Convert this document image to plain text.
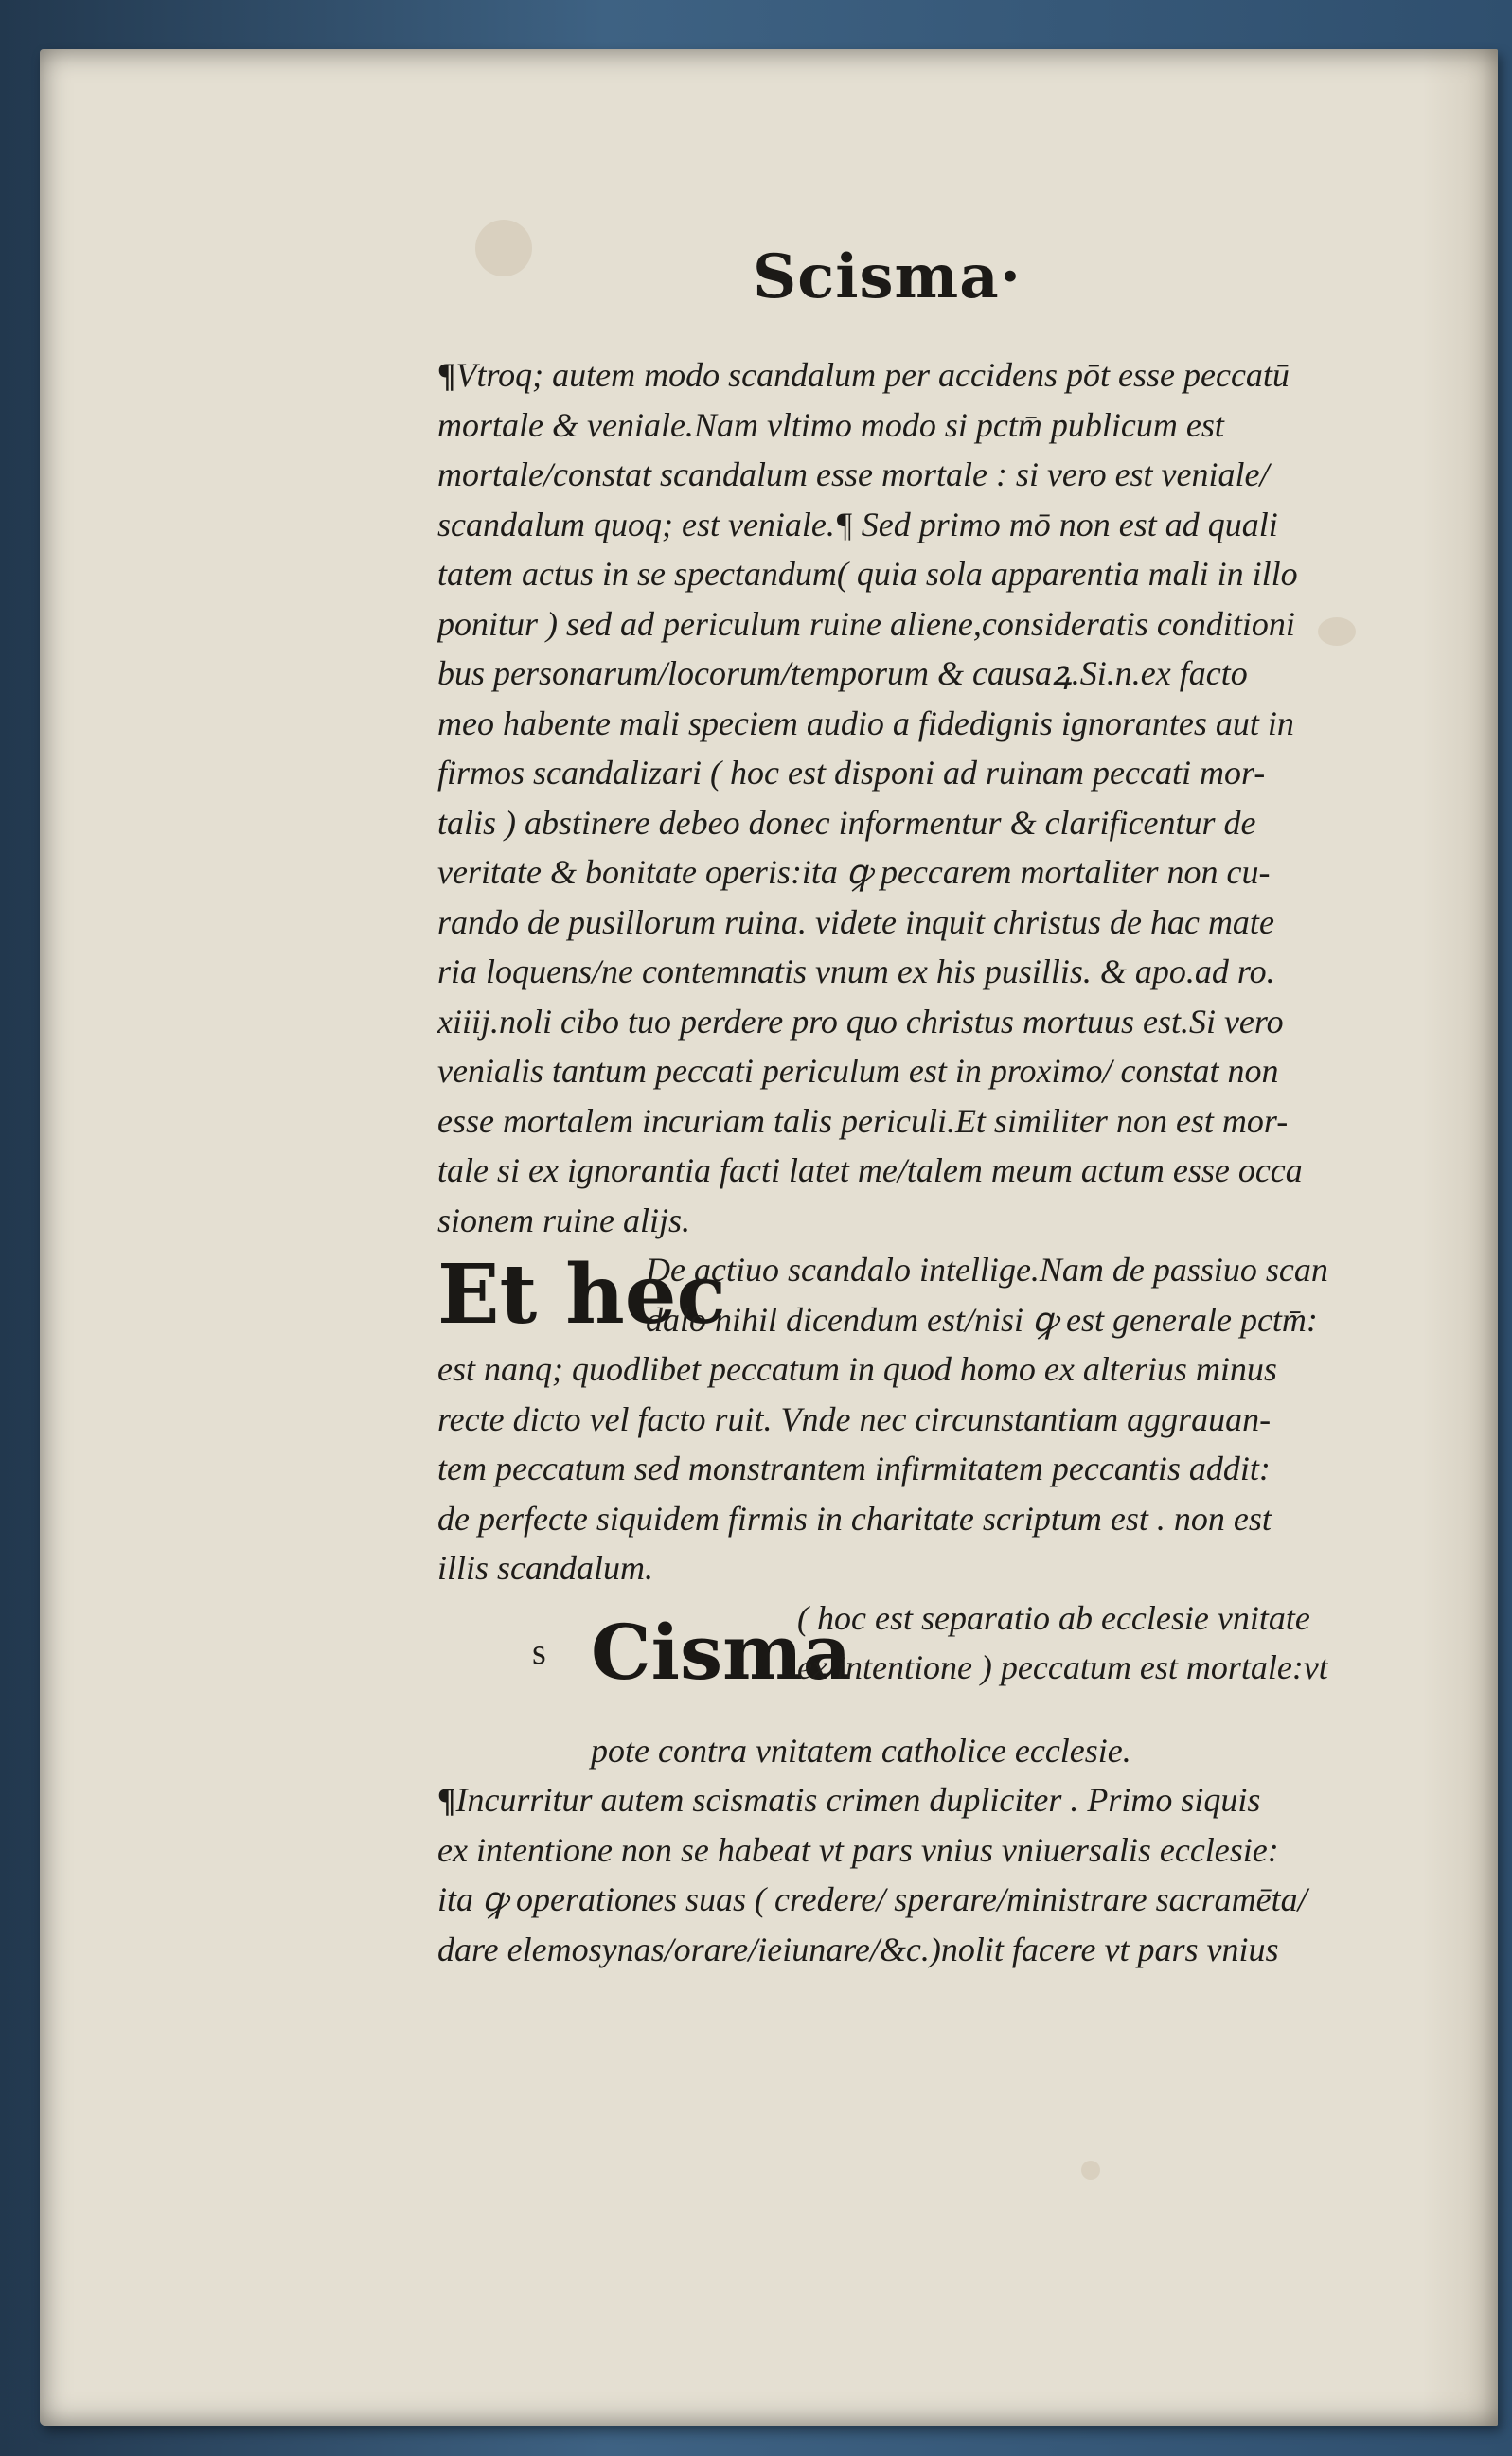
Scisma·
¶Vtroq; autem modo scandalum per accidens pōt esse peccatū
mortale & veniale.Nam vltimo modo si pctm̄ publicum est
mortale/constat scandalum esse mortale : si vero est veniale/
scandalum quoq; est veniale.¶ Sed primo mō non est ad quali
tatem actus in se spectandum( quia sola apparentia mali in illo
ponitur ) sed ad periculum ruine aliene,consideratis conditioni
bus personarum/locorum/temporum & causaꝝ.Si.n.ex facto
meo habente mali speciem audio a fidedignis ignorantes aut in
firmos scandalizari ( hoc est disponi ad ruinam peccati mor-
talis ) abstinere debeo donec informentur & clarificentur de
veritate & bonitate operis:ita ꝙ peccarem mortaliter non cu-
rando de pusillorum ruina. videte inquit christus de hac mate
ria loquens/ne contemnatis vnum ex his pusillis. & apo.ad ro.
xiiij.noli cibo tuo perdere pro quo christus mortuus est.Si vero
venialis tantum peccati periculum est in proximo/ constat non
esse mortalem incuriam talis periculi.Et similiter non est mor-
tale si ex ignorantia facti latet me/talem meum actum esse occa
sionem ruine alijs.
Et hec
De actiuo scandalo intellige.Nam de passiuo scan
dalo nihil dicendum est/nisi ꝙ est generale pctm̄:
est nanq; quodlibet peccatum in quod homo ex alterius minus
recte dicto vel facto ruit. Vnde nec circunstantiam aggrauan-
tem peccatum sed monstrantem infirmitatem peccantis addit:
de perfecte siquidem firmis in charitate scriptum est . non est
illis scandalum.
s Cisma
( hoc est separatio ab ecclesie vnitate
ex intentione ) peccatum est mortale:vt
pote contra vnitatem catholice ecclesie.
¶Incurritur autem scismatis crimen dupliciter . Primo siquis
ex intentione non se habeat vt pars vnius vniuersalis ecclesie:
ita ꝙ operationes suas ( credere/ sperare/ministrare sacramēta/
dare elemosynas/orare/ieiunare/&c.)nolit facere vt pars vnius
